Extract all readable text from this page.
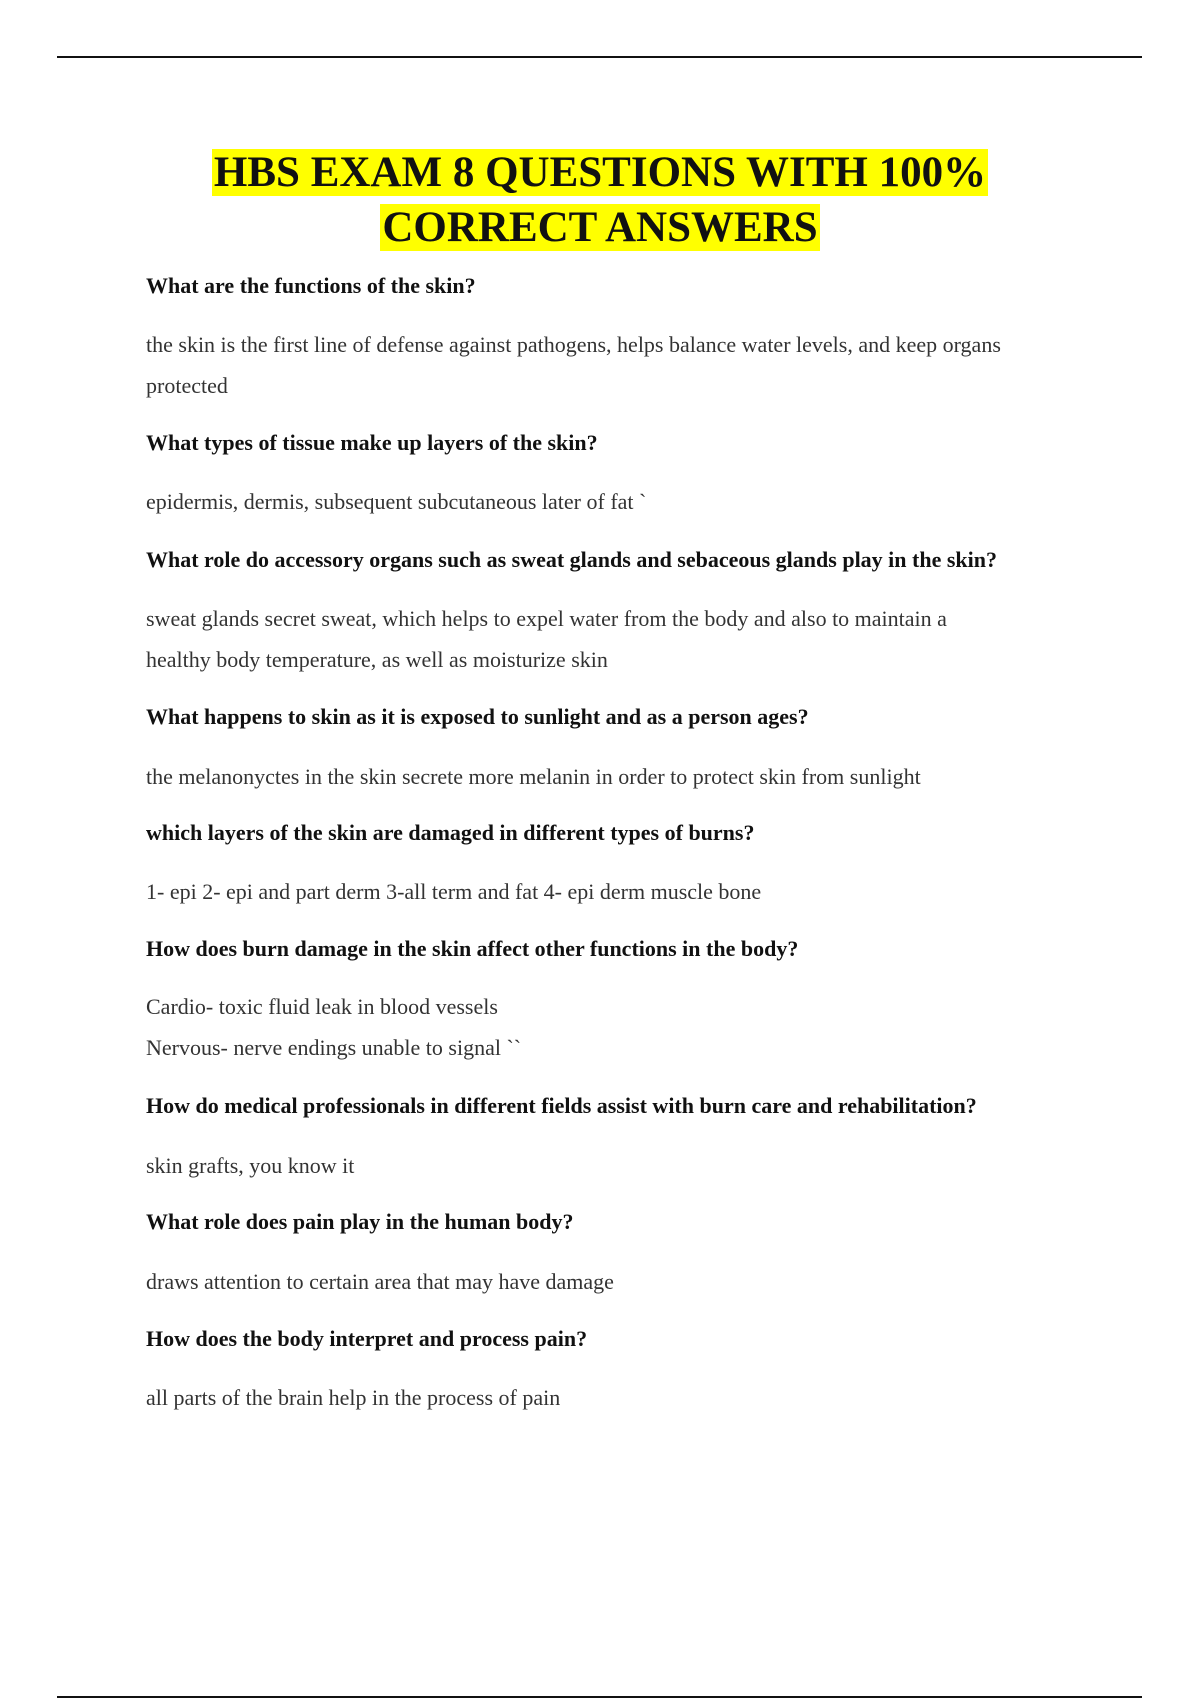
HBS EXAM 8 QUESTIONS WITH 100%
CORRECT ANSWERS

What are the functions of the skin?

the skin is the first line of defense against pathogens, helps balance water levels, and keep organs
protected

What types of tissue make up layers of the skin?

epidermis, dermis, subsequent subcutaneous later of fat `

What role do accessory organs such as sweat glands and sebaceous glands play in the skin?

sweat glands secret sweat, which helps to expel water from the body and also to maintain a
healthy body temperature, as well as moisturize skin

What happens to skin as it is exposed to sunlight and as a person ages?

the melanonyctes in the skin secrete more melanin in order to protect skin from sunlight

which layers of the skin are damaged in different types of burns?

1- epi 2- epi and part derm 3-all term and fat 4- epi derm muscle bone

How does burn damage in the skin affect other functions in the body?

Cardio- toxic fluid leak in blood vessels
Nervous- nerve endings unable to signal ``

How do medical professionals in different fields assist with burn care and rehabilitation?

skin grafts, you know it

What role does pain play in the human body?

draws attention to certain area that may have damage

How does the body interpret and process pain?

all parts of the brain help in the process of pain
